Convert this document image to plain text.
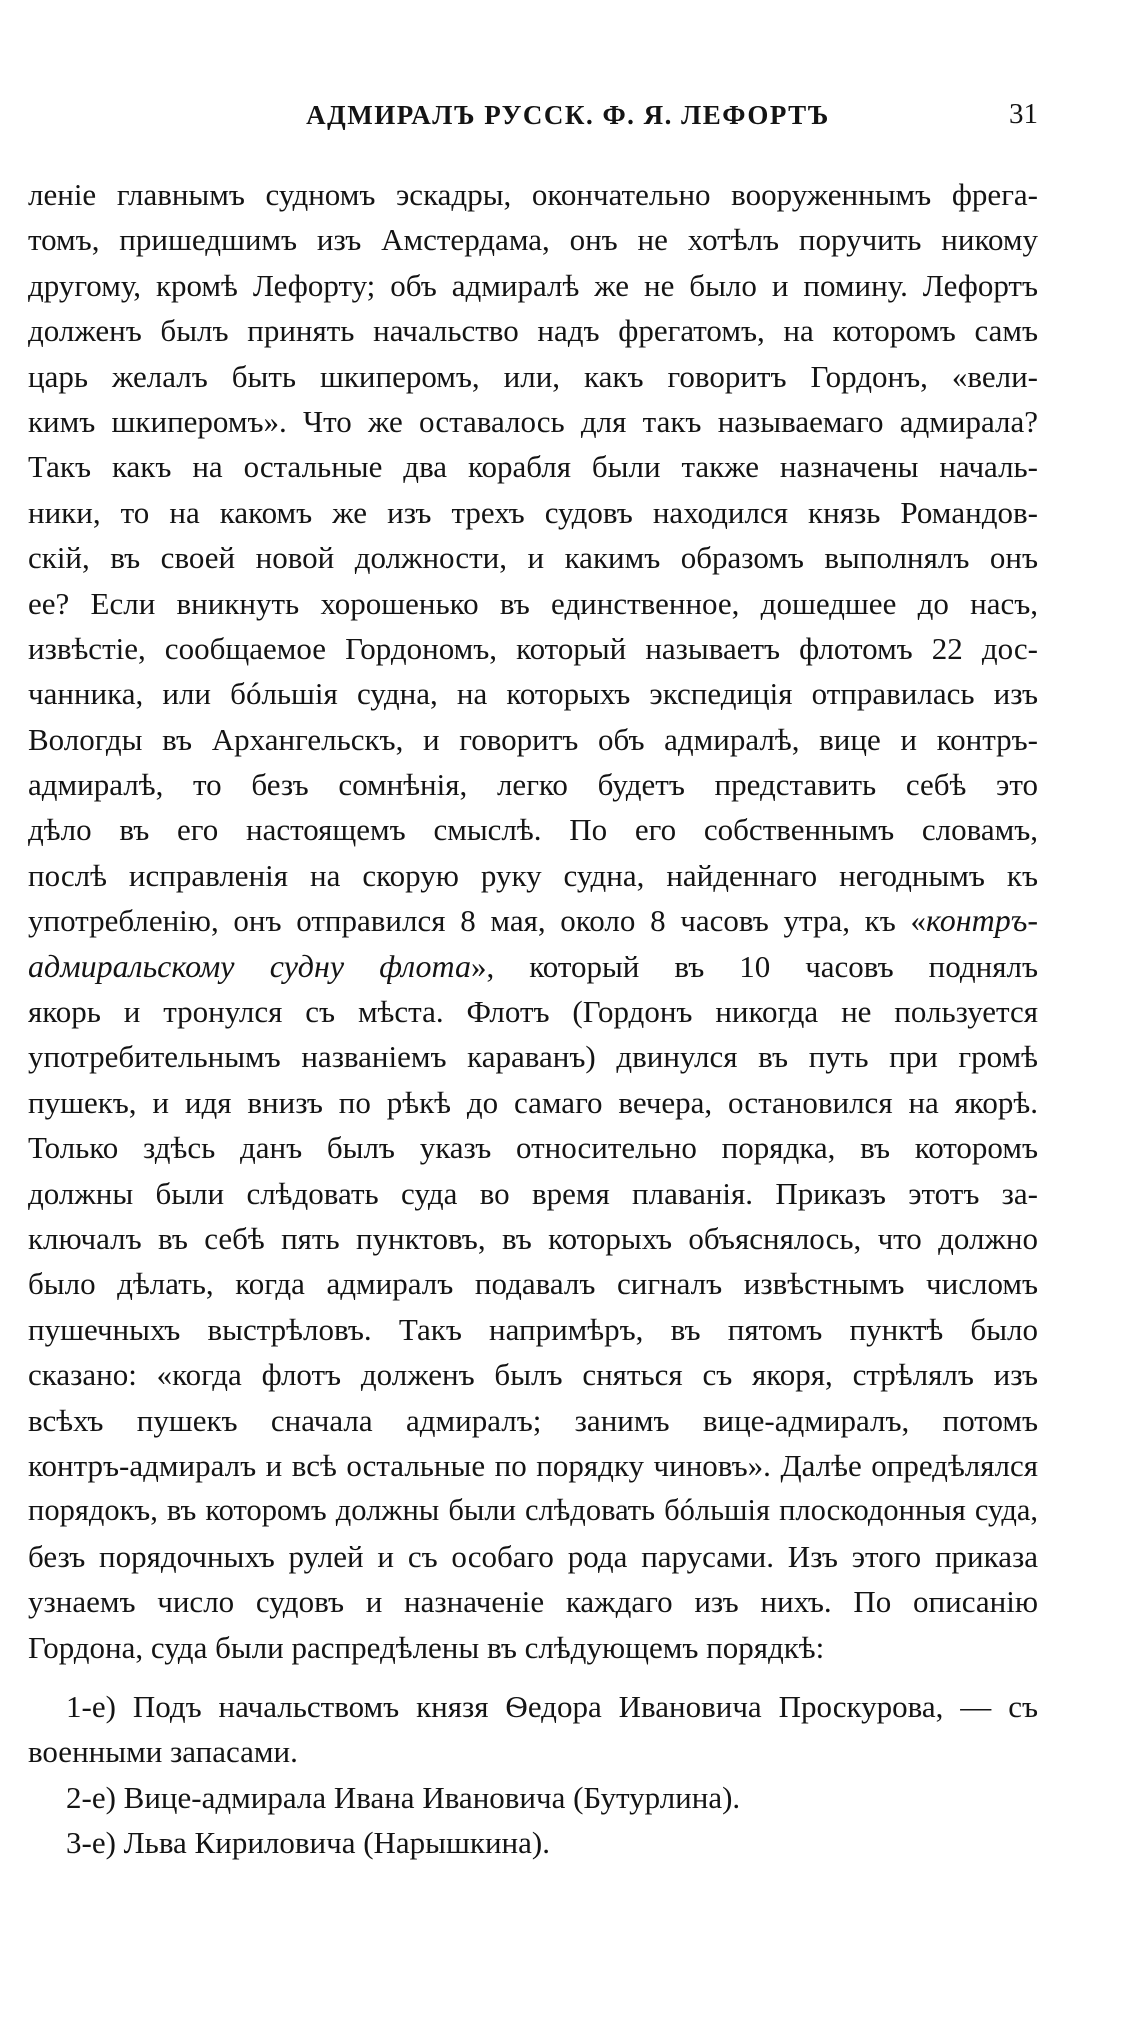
АДМИРАЛЪ РУСCК. Ф. Я. ЛЕФОРТЪ	31
леніе главнымъ судномъ эскадры, окончательно вооруженнымъ фрега-
томъ, пришедшимъ изъ Амстердама, онъ не хотѣлъ поручить никому
другому, кромѣ Лефорту; объ адмиралѣ же не было и помину. Лефортъ
долженъ былъ принять начальство надъ фрегатомъ, на которомъ самъ
царь желалъ быть шкиперомъ, или, какъ говоритъ Гордонъ, «вели-
кимъ шкиперомъ». Что же оставалось для такъ называемаго адмирала?
Такъ какъ на остальные два корабля были также назначены началь-
ники, то на какомъ же изъ трехъ судовъ находился князь Ромaндов-
скій, въ своей новой должности, и какимъ образомъ выполнялъ онъ
ее? Если вникнуть хорошенько въ единственное, дошедшее до насъ,
извѣстіе, сообщаемое Гордономъ, который называетъ флотомъ 22 дос-
чанника, или бóльшія судна, на которыхъ экспедиція отправилась изъ
Вологды въ Архангельскъ, и говоритъ объ адмиралѣ, вице и контръ-
адмиралѣ, то безъ сомнѣнія, легко будетъ представить себѣ это
дѣло въ его настоящемъ смыслѣ. По его собственнымъ словамъ,
послѣ исправленія на скорую руку судна, найденнаго негоднымъ къ
употребленію, онъ отправился 8 мая, около 8 часовъ утра, къ «контръ-
адмиральскому судну флота», который въ 10 часовъ поднялъ
якорь и тронулся съ мѣста. Флотъ (Гордонъ никогда не пользуется
употребительнымъ названіемъ караванъ) двинулся въ путь при громѣ
пушекъ, и идя внизъ по рѣкѣ до самаго вечера, остановился на якорѣ.
Только здѣсь данъ былъ указъ относительно порядка, въ которомъ
должны были слѣдовать суда во время плаванія. Приказъ этотъ за-
ключалъ въ себѣ пять пунктовъ, въ которыхъ объяснялось, что должно
было дѣлать, когда адмиралъ подавалъ сигналъ извѣстнымъ числомъ
пушечныхъ выстрѣловъ. Такъ напримѣръ, въ пятомъ пунктѣ было
сказано: «когда флотъ долженъ былъ сняться съ якоря, стрѣлялъ изъ
всѣхъ пушекъ сначала адмиралъ; занимъ вице-адмиралъ, потомъ
контръ-адмиралъ и всѣ остальные по порядку чиновъ». Далѣе опредѣлялся
порядокъ, въ которомъ должны были слѣдовать бóльшія плоскодонныя суда,
безъ порядочныхъ рулей и съ особаго рода парусами. Изъ этого приказа
узнаемъ число судовъ и назначеніе каждаго изъ нихъ. По описанію
Гордона, суда были распредѣлены въ слѣдующемъ порядкѣ:
1-е) Подъ начальствомъ князя Ѳедора Ивановича Проскурова, — съ
военными запасами.
2-е) Вице-адмирала Ивана Ивановича (Бутурлина).
3-е) Льва Кириловича (Нарышкина).
